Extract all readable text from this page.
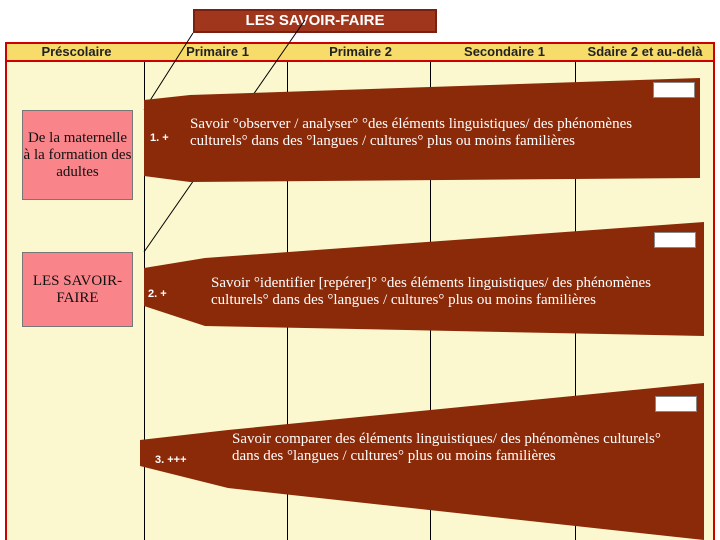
LES SAVOIR-FAIRE
Préscolaire	Primaire 1	Primaire 2	Secondaire 1	Sdaire 2 et au-delà
De la maternelle à la formation des adultes
LES SAVOIR-FAIRE
1. +
2. +
3. +++
Savoir °observer / analyser° °des éléments linguistiques/ des phénomènes culturels° dans des °langues / cultures° plus ou moins familières
Savoir °identifier [repérer]° °des éléments linguistiques/ des phénomènes culturels° dans des °langues / cultures° plus ou moins familières
Savoir comparer des éléments linguistiques/ des phénomènes culturels° dans des °langues / cultures° plus ou moins familières
